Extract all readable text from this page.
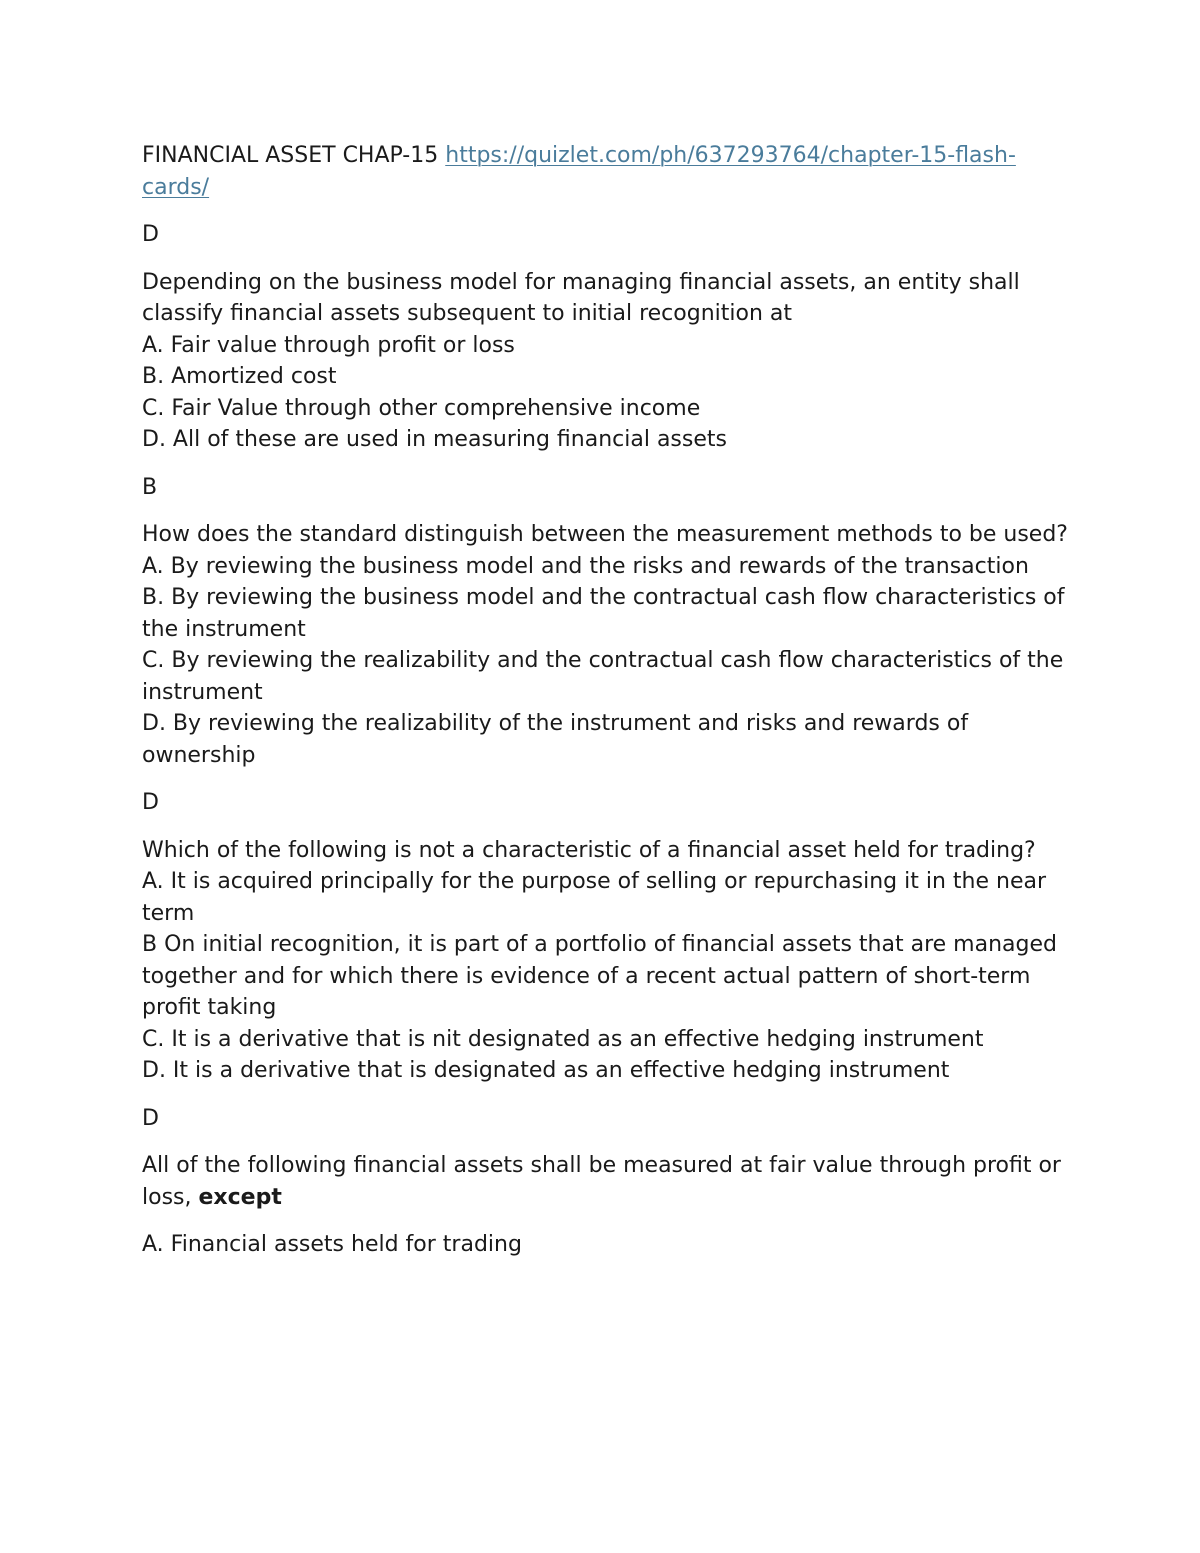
FINANCIAL ASSET CHAP-15 https://quizlet.com/ph/637293764/chapter-15-flash-cards/

D

Depending on the business model for managing financial assets, an entity shall classify financial assets subsequent to initial recognition at

A. Fair value through profit or loss
B. Amortized cost
C. Fair Value through other comprehensive income
D. All of these are used in measuring financial assets

B

How does the standard distinguish between the measurement methods to be used?

A. By reviewing the business model and the risks and rewards of the transaction
B. By reviewing the business model and the contractual cash flow characteristics of the instrument
C. By reviewing the realizability and the contractual cash flow characteristics of the instrument
D. By reviewing the realizability of the instrument and risks and rewards of ownership

D

Which of the following is not a characteristic of a financial asset held for trading?

A. It is acquired principally for the purpose of selling or repurchasing it in the near term
B On initial recognition, it is part of a portfolio of financial assets that are managed together and for which there is evidence of a recent actual pattern of short-term profit taking
C. It is a derivative that is nit designated as an effective hedging instrument
D. It is a derivative that is designated as an effective hedging instrument

D

All of the following financial assets shall be measured at fair value through profit or loss, except

A. Financial assets held for trading
